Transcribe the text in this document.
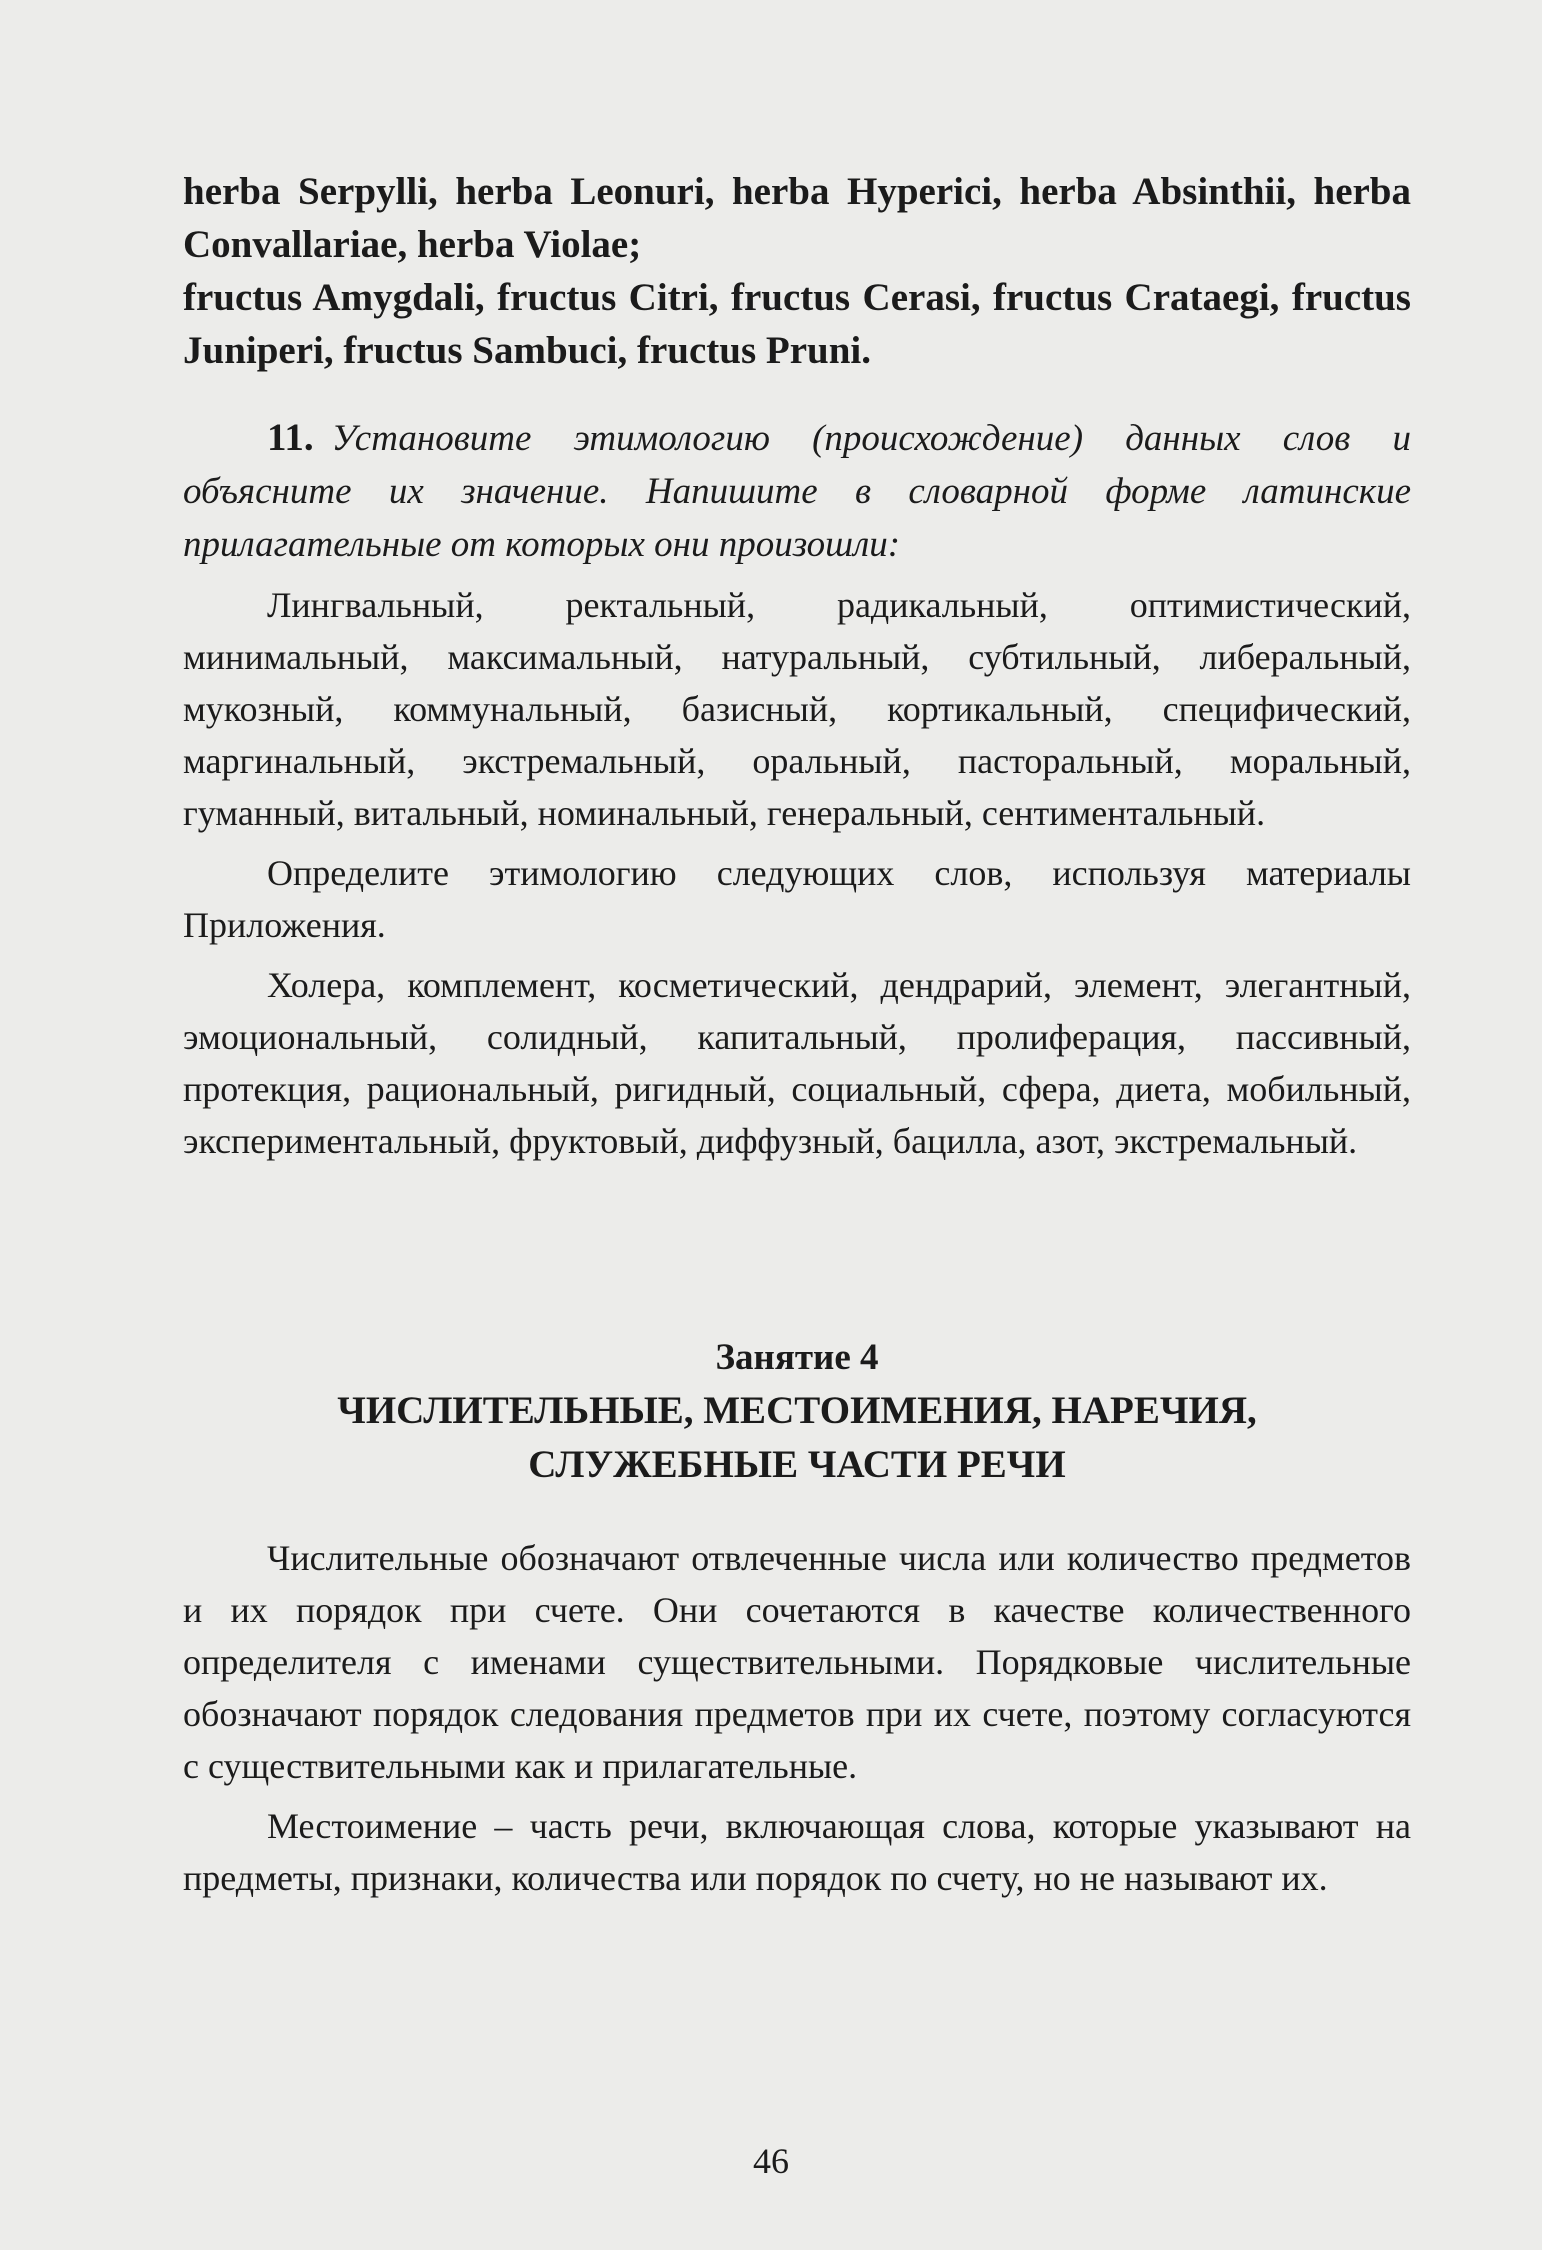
herba Serpylli, herba Leonuri, herba Hyperici, herba Absinthii, herba Convallariae, herba Violae;

fructus Amygdali, fructus Citri, fructus Cerasi, fructus Crataegi, fructus Juniperi, fructus Sambuci, fructus Pruni.

11. Установите этимологию (происхождение) данных слов и объясните их значение. Напишите в словарной форме латинские прилагательные от которых они произошли:

Лингвальный, ректальный, радикальный, оптимистический, минимальный, максимальный, натуральный, субтильный, либеральный, мукозный, коммунальный, базисный, кортикальный, специфический, маргинальный, экстремальный, оральный, пасторальный, моральный, гуманный, витальный, номинальный, генеральный, сентиментальный.

Определите этимологию следующих слов, используя материалы Приложения.

Холера, комплемент, косметический, дендрарий, элемент, элегантный, эмоциональный, солидный, капитальный, пролиферация, пассивный, протекция, рациональный, ригидный, социальный, сфера, диета, мобильный, экспериментальный, фруктовый, диффузный, бацилла, азот, экстремальный.

Занятие 4
ЧИСЛИТЕЛЬНЫЕ, МЕСТОИМЕНИЯ, НАРЕЧИЯ, СЛУЖЕБНЫЕ ЧАСТИ РЕЧИ

Числительные обозначают отвлеченные числа или количество предметов и их порядок при счете. Они сочетаются в качестве количественного определителя с именами существительными. Порядковые числительные обозначают порядок следования предметов при их счете, поэтому согласуются с существительными как и прилагательные.

Местоимение – часть речи, включающая слова, которые указывают на предметы, признаки, количества или порядок по счету, но не называют их.

46
